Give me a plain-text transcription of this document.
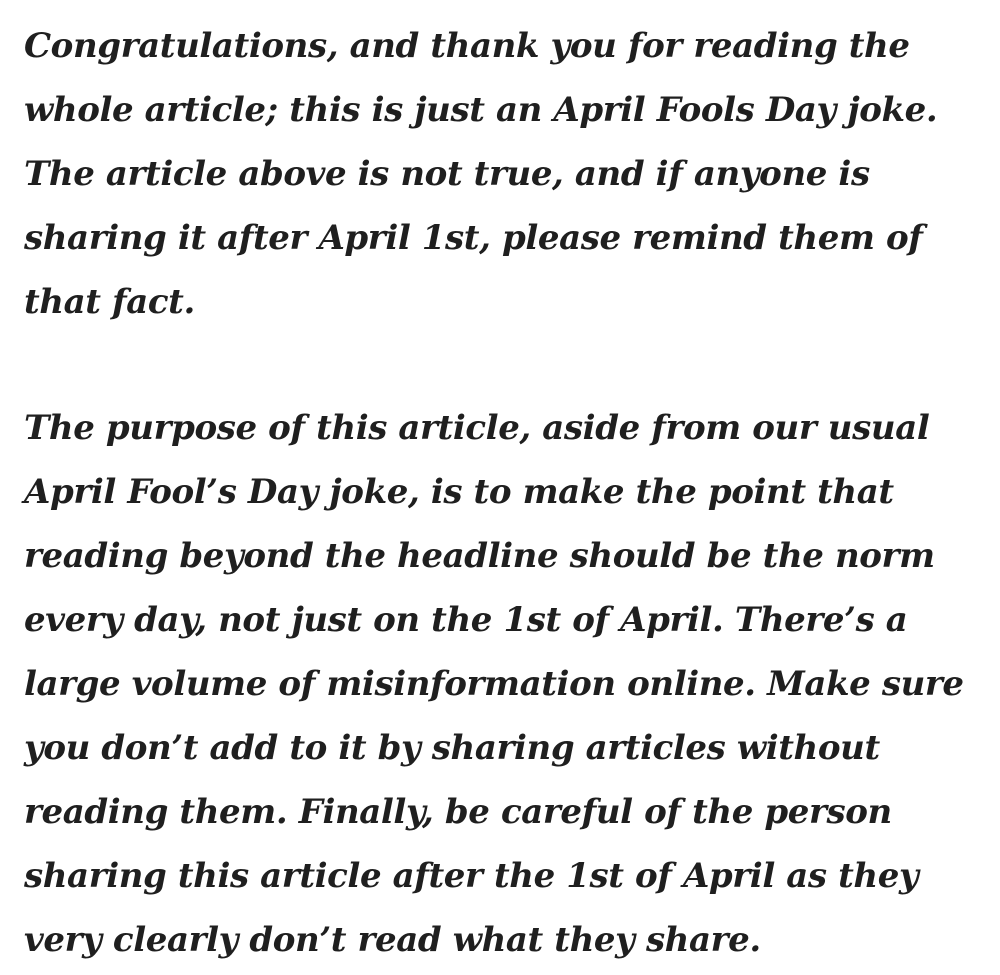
Congratulations, and thank you for reading the
whole article; this is just an April Fools Day joke.
The article above is not true, and if anyone is
sharing it after April 1st, please remind them of
that fact.
The purpose of this article, aside from our usual
April Fool’s Day joke, is to make the point that
reading beyond the headline should be the norm
every day, not just on the 1st of April. There’s a
large volume of misinformation online. Make sure
you don’t add to it by sharing articles without
reading them. Finally, be careful of the person
sharing this article after the 1st of April as they
very clearly don’t read what they share.
